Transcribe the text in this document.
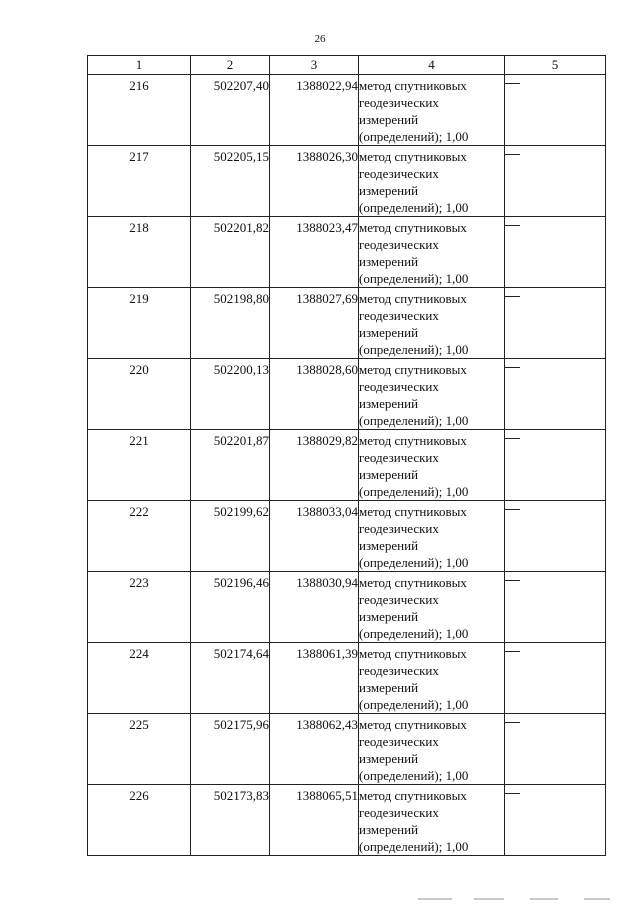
26
1	2	3	4	5
216	502207,40	1388022,94	метод спутниковых
геодезических
измерений
(определений); 1,00	

217	502205,15	1388026,30	метод спутниковых
геодезических
измерений
(определений); 1,00	

218	502201,82	1388023,47	метод спутниковых
геодезических
измерений
(определений); 1,00	

219	502198,80	1388027,69	метод спутниковых
геодезических
измерений
(определений); 1,00	

220	502200,13	1388028,60	метод спутниковых
геодезических
измерений
(определений); 1,00	

221	502201,87	1388029,82	метод спутниковых
геодезических
измерений
(определений); 1,00	

222	502199,62	1388033,04	метод спутниковых
геодезических
измерений
(определений); 1,00	

223	502196,46	1388030,94	метод спутниковых
геодезических
измерений
(определений); 1,00	

224	502174,64	1388061,39	метод спутниковых
геодезических
измерений
(определений); 1,00	

225	502175,96	1388062,43	метод спутниковых
геодезических
измерений
(определений); 1,00	

226	502173,83	1388065,51	метод спутниковых
геодезических
измерений
(определений); 1,00	
